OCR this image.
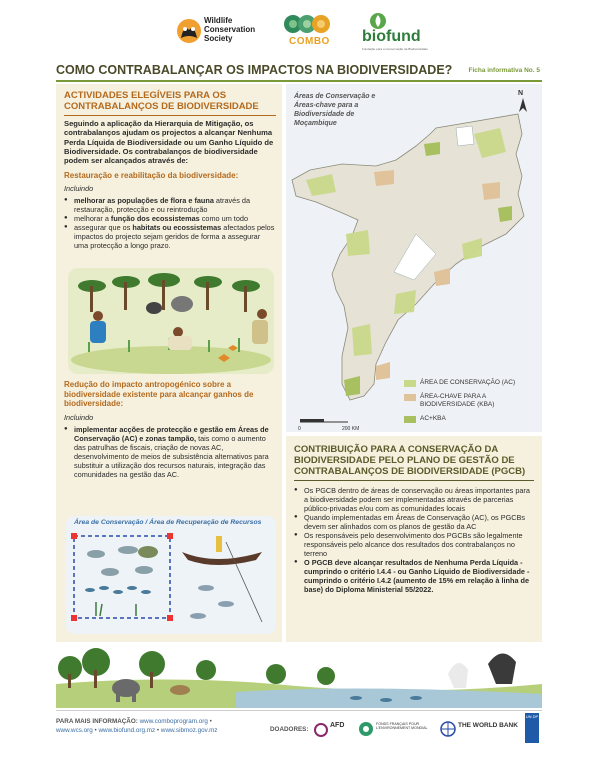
Wildlife
Conservation
Society	COMBO biofund
Fundação para a Conservação da Biodiversidade
COMO CONTRABALANÇAR OS IMPACTOS NA BIODIVERSIDADE? Ficha informativa No. 5
ACTIVIDADES ELEGÍVEIS PARA OS CONTRABALANÇOS DE BIODIVERSIDADE
Seguindo a aplicação da Hierarquia de Mitigação, os contrabalanços ajudam os projectos a alcançar Nenhuma Perda Líquida de Biodiversidade ou um Ganho Líquido de Biodiversidade. Os contrabalanços de biodiversidade podem ser alcançados através de:
Restauração e reabilitação da biodiversidade:
Incluindo
● melhorar as populações de flora e fauna através da restauração, protecção e ou reintrodução
● melhorar a função dos ecossistemas como um todo
● assegurar que os habitats ou ecossistemas afectados pelos impactos do projecto sejam geridos de forma a assegurar uma protecção a longo prazo.
Redução do impacto antropogénico sobre a biodiversidade existente para alcançar ganhos de biodiversidade:
Incluindo
● implementar acções de protecção e gestão em Áreas de Conservação (AC) e zonas tampão, tais como o aumento das patrulhas de fiscais, criação de novas AC, desenvolvimento de meios de subsistência alternativos para substituir a utilização dos recursos naturais, integração das comunidades na gestão das AC.
Área de Conservação / Área de Recuperação de Recursos
Áreas de Conservação e Áreas-chave para a Biodiversidade de Moçambique
N
0	200 KM
ÁREA DE CONSERVAÇÃO (AC)
ÁREA-CHAVE PARA A BIODIVERSIDADE (KBA)
AC+KBA
CONTRIBUIÇÃO PARA A CONSERVAÇÃO DA BIODIVERSIDADE PELO PLANO DE GESTÃO DE CONTRABALANÇOS DE BIODIVERSIDADE (PGCB)
● Os PGCB dentro de áreas de conservação ou áreas importantes para a biodiversidade podem ser implementadas através de parcerias público-privadas e/ou com as comunidades locais
● Quando implementadas em Áreas de Conservação (AC), os PGCBs devem ser alinhados com os planos de gestão da AC
● Os responsáveis pelo desenvolvimento dos PGCBs são legalmente responsáveis pelo alcance dos resultados dos contrabalanços no terreno
● O PGCB deve alcançar resultados de Nenhuma Perda Líquida - cumprindo o critério I.4.4 - ou Ganho Líquido de Biodiversidade - cumprindo o critério I.4.2 (aumento de 15% em relação à linha de base) do Diploma Ministerial 55/2022.
PARA MAIS INFORMAÇÃO: www.comboprogram.org •
www.wcs.org • www.biofund.org.mz • www.sibmoz.gov.mz	DOADORES:
AFD	FONDS FRANÇAIS POUR L'ENVIRONNEMENT MONDIAL	THE WORLD BANK
UN DP
